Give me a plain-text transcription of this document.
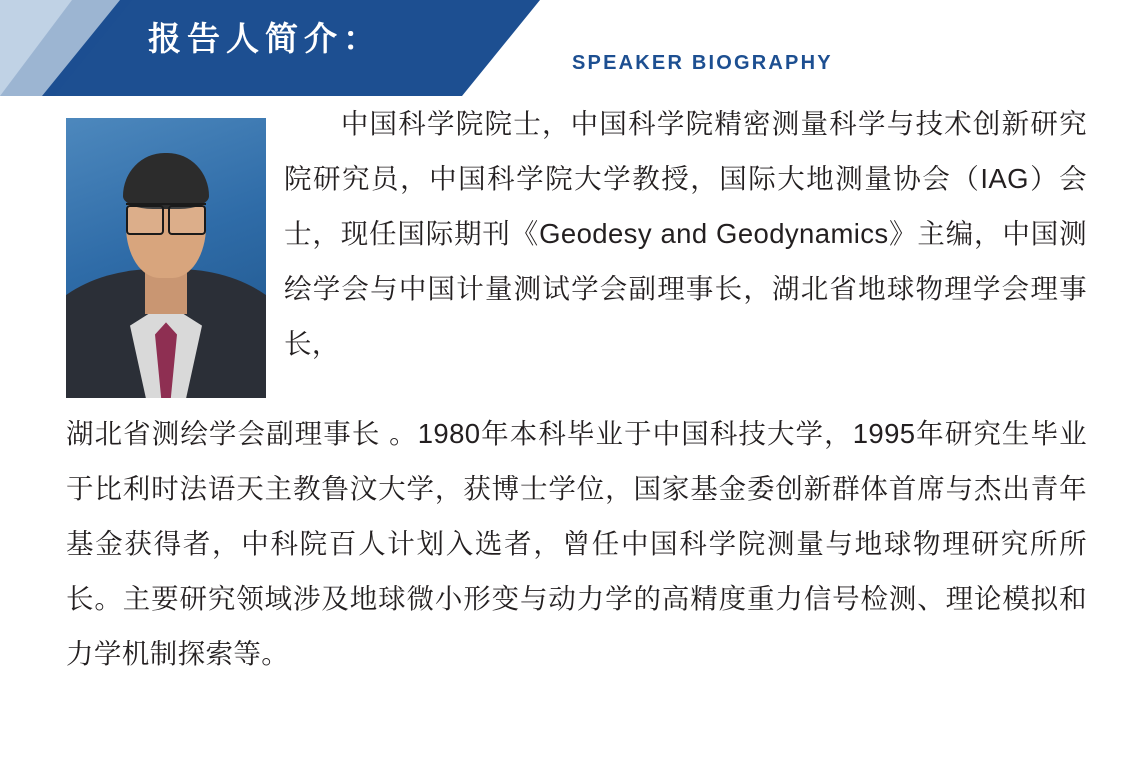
报告人简介：
SPEAKER BIOGRAPHY

中国科学院院士，中国科学院精密测量科学与技术创新研究院研究员，中国科学院大学教授，国际大地测量协会（IAG）会士，现任国际期刊《Geodesy and Geodynamics》主编，中国测绘学会与中国计量测试学会副理事长，湖北省地球物理学会理事长，

湖北省测绘学会副理事长 。1980年本科毕业于中国科技大学，1995年研究生毕业于比利时法语天主教鲁汶大学，获博士学位，国家基金委创新群体首席与杰出青年基金获得者，中科院百人计划入选者，曾任中国科学院测量与地球物理研究所所长。主要研究领域涉及地球微小形变与动力学的高精度重力信号检测、理论模拟和力学机制探索等。
